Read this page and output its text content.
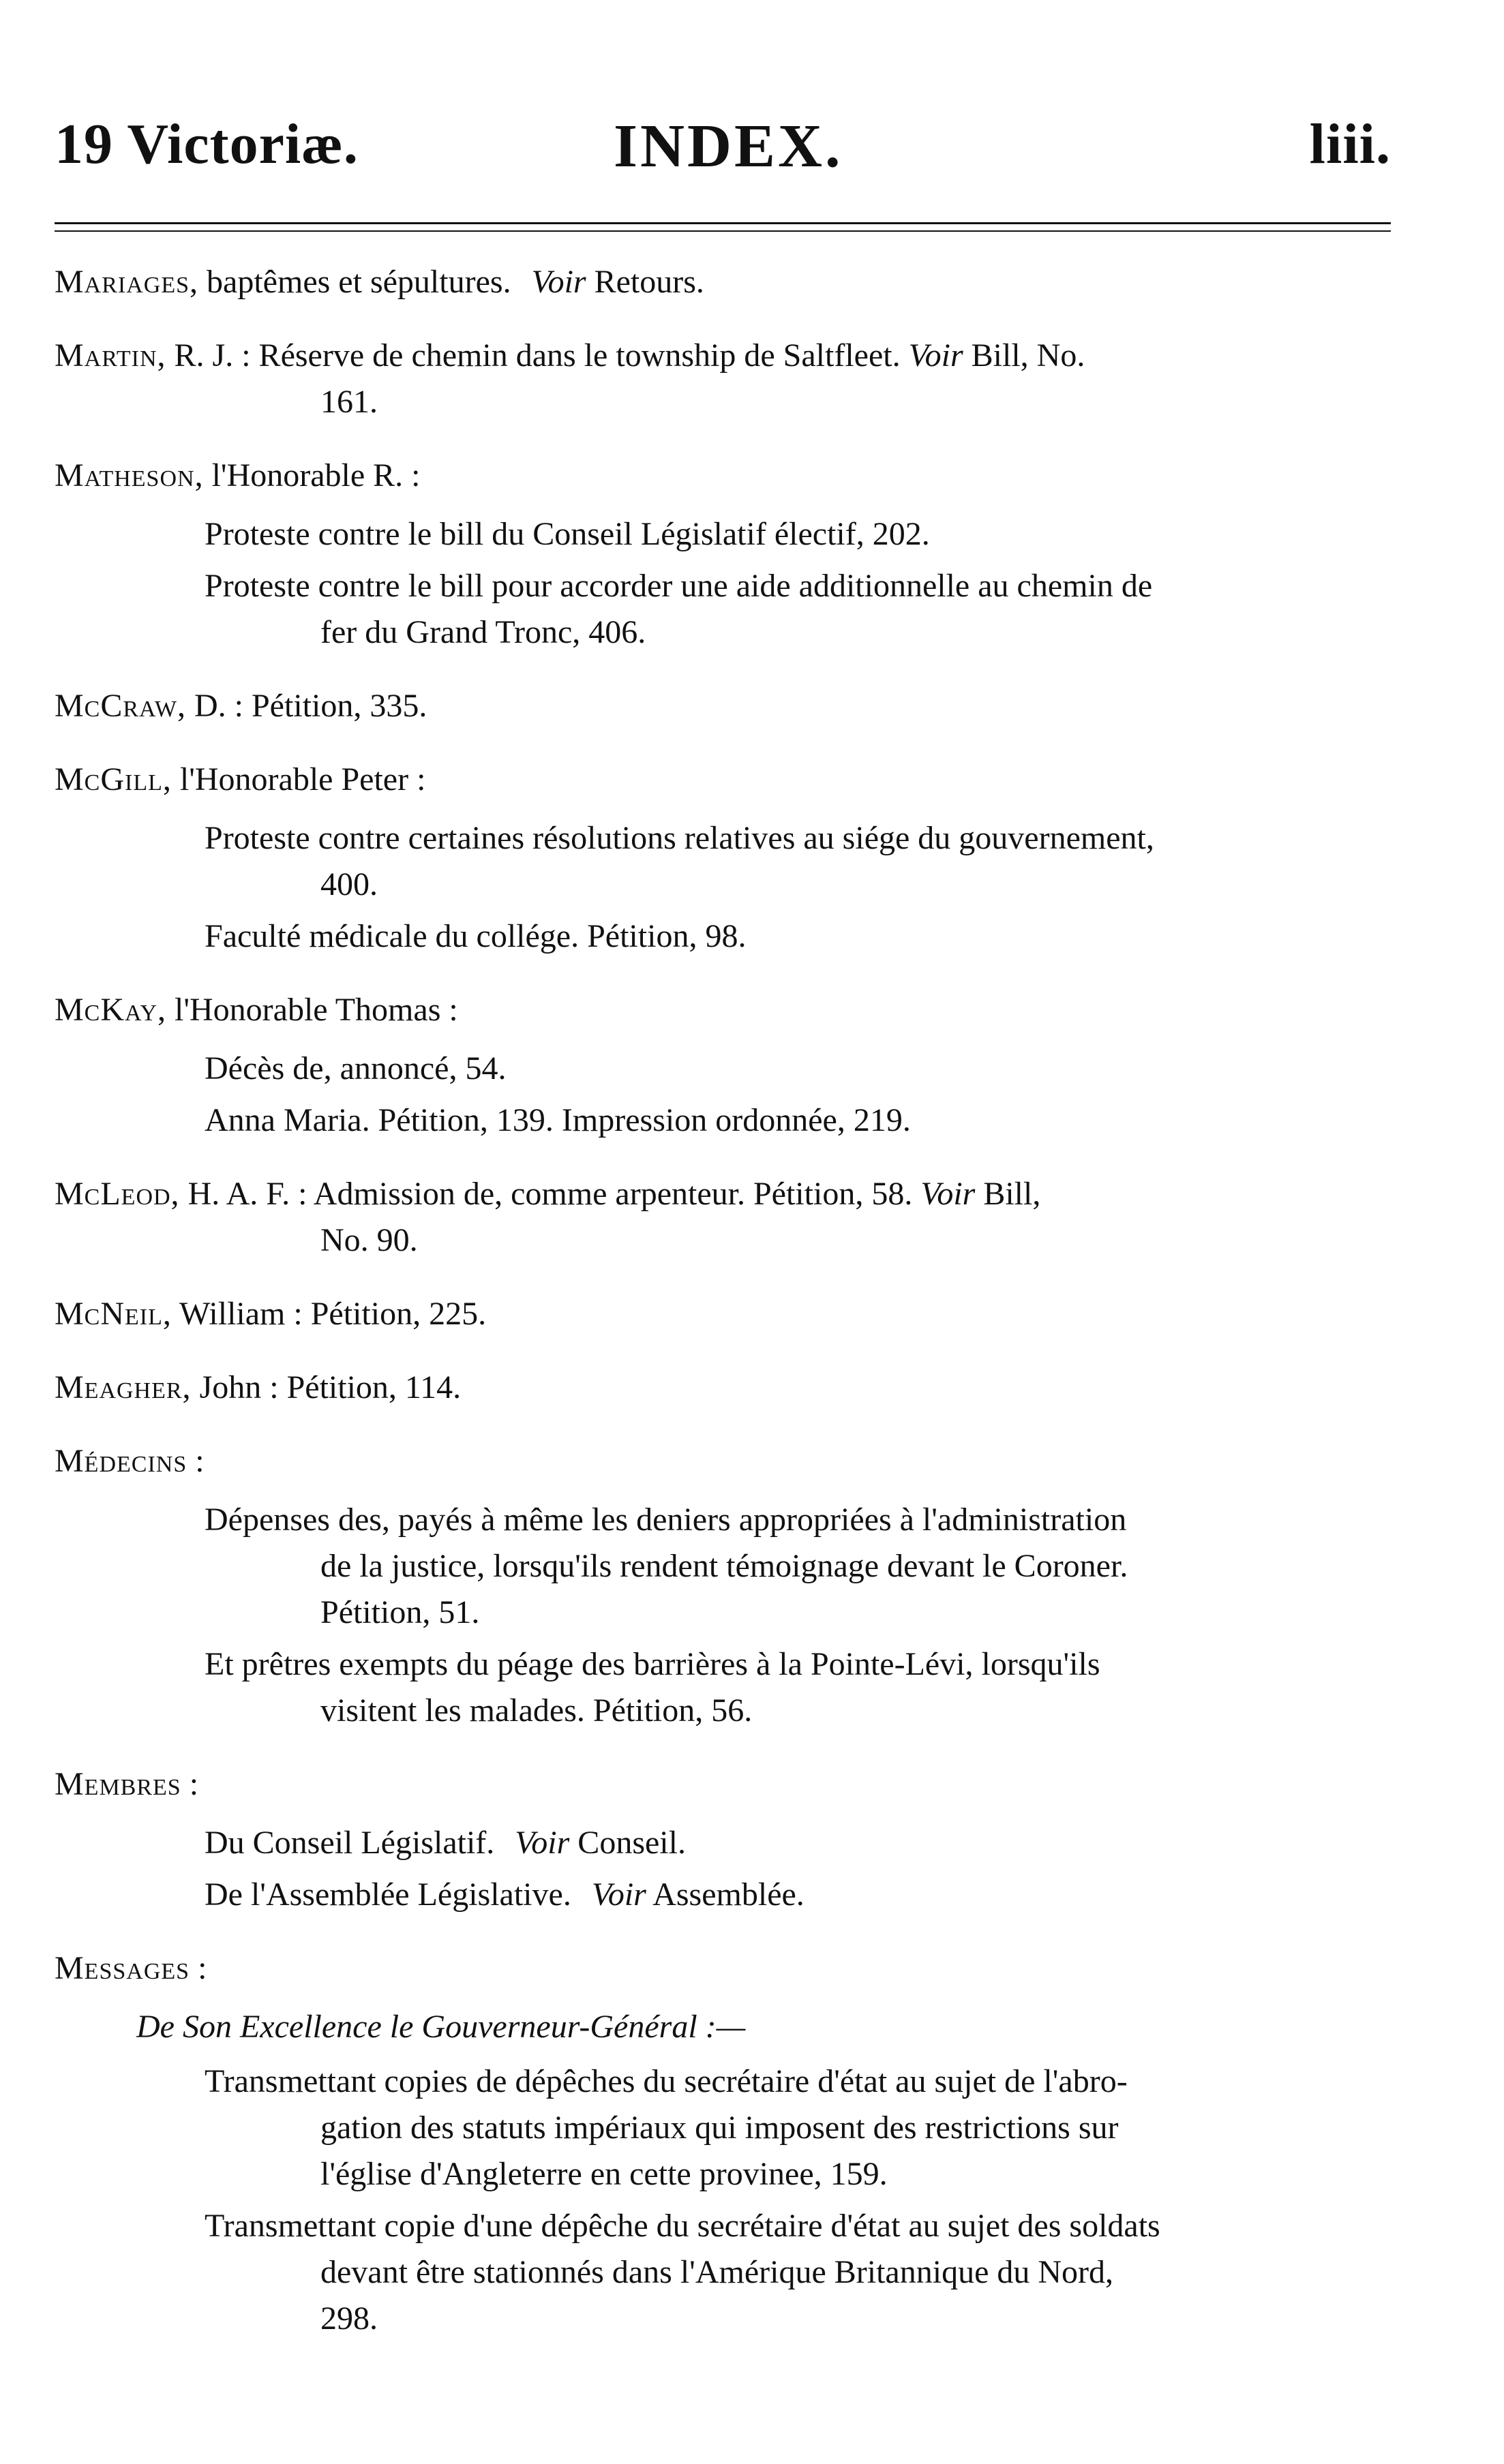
19 Victoriæ.	INDEX.	liii.
Mariages, baptêmes et sépultures. Voir Retours.
Martin, R. J. : Réserve de chemin dans le township de Saltfleet. Voir Bill, No.
161.
Matheson, l'Honorable R. :
Proteste contre le bill du Conseil Législatif électif, 202.
Proteste contre le bill pour accorder une aide additionnelle au chemin de
fer du Grand Tronc, 406.
McCraw, D. : Pétition, 335.
McGill, l'Honorable Peter :
Proteste contre certaines résolutions relatives au siége du gouvernement,
400.
Faculté médicale du collége. Pétition, 98.
McKay, l'Honorable Thomas :
Décès de, annoncé, 54.
Anna Maria. Pétition, 139. Impression ordonnée, 219.
McLeod, H. A. F. : Admission de, comme arpenteur. Pétition, 58. Voir Bill,
No. 90.
McNeil, William : Pétition, 225.
Meagher, John : Pétition, 114.
Médecins :
Dépenses des, payés à même les deniers appropriées à l'administration
de la justice, lorsqu'ils rendent témoignage devant le Coroner.
Pétition, 51.
Et prêtres exempts du péage des barrières à la Pointe-Lévi, lorsqu'ils
visitent les malades. Pétition, 56.
Membres :
Du Conseil Législatif. Voir Conseil.
De l'Assemblée Législative. Voir Assemblée.
Messages :
De Son Excellence le Gouverneur-Général :—
Transmettant copies de dépêches du secrétaire d'état au sujet de l'abro-
gation des statuts impériaux qui imposent des restrictions sur
l'église d'Angleterre en cette provinee, 159.
Transmettant copie d'une dépêche du secrétaire d'état au sujet des soldats
devant être stationnés dans l'Amérique Britannique du Nord,
298.
